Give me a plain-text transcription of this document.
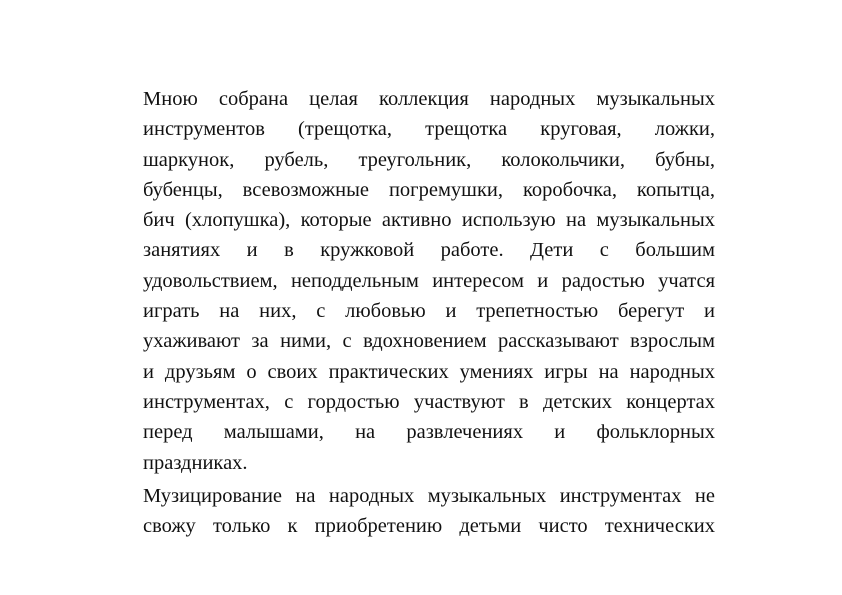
Мною собрана целая коллекция народных музыкальных
инструментов (трещотка, трещотка круговая, ложки,
шаркунок, рубель, треугольник, колокольчики, бубны,
бубенцы, всевозможные погремушки, коробочка, копытца,
бич (хлопушка), которые активно использую на музыкальных
занятиях и в кружковой работе. Дети с большим
удовольствием, неподдельным интересом и радостью учатся
играть на них, с любовью и трепетностью берегут и
ухаживают за ними, с вдохновением рассказывают взрослым
и друзьям о своих практических умениях игры на народных
инструментах, с гордостью участвуют в детских концертах
перед малышами, на развлечениях и фольклорных
праздниках.
Музицирование на народных музыкальных инструментах не
свожу только к приобретению детьми чисто технических
